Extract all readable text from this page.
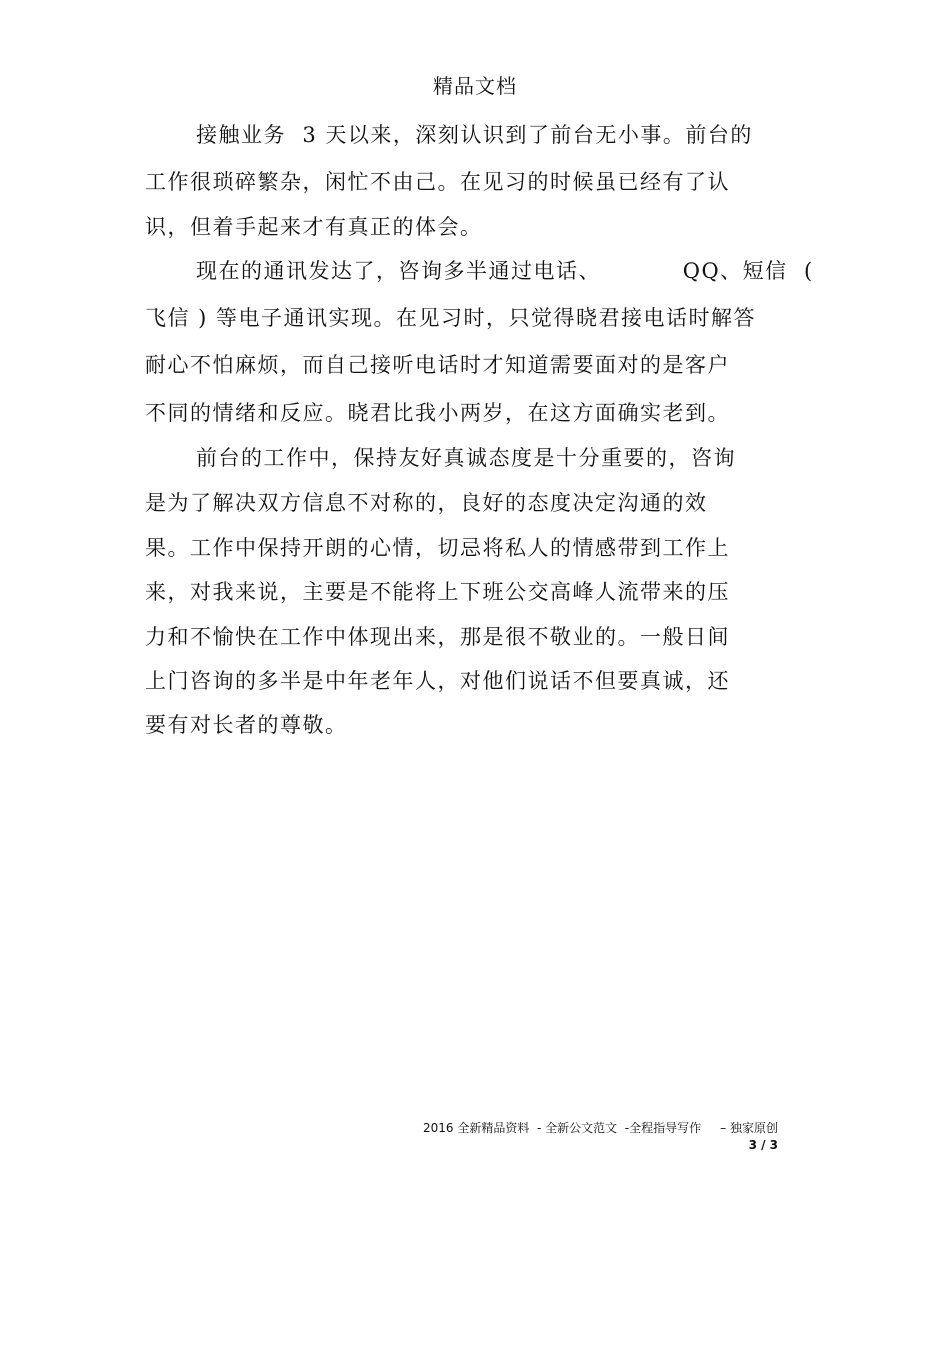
精品文档
接触业务  3 天以来，深刻认识到了前台无小事。前台的
工作很琐碎繁杂，闲忙不由己。在见习的时候虽已经有了认
识，但着手起来才有真正的体会。
现在的通讯发达了，咨询多半通过电话、          QQ、短信  (
飞信 ) 等电子通讯实现。在见习时，只觉得晓君接电话时解答
耐心不怕麻烦，而自己接听电话时才知道需要面对的是客户
不同的情绪和反应。晓君比我小两岁，在这方面确实老到。
前台的工作中，保持友好真诚态度是十分重要的，咨询
是为了解决双方信息不对称的，良好的态度决定沟通的效
果。工作中保持开朗的心情，切忌将私人的情感带到工作上
来，对我来说，主要是不能将上下班公交高峰人流带来的压
力和不愉快在工作中体现出来，那是很不敬业的。一般日间
上门咨询的多半是中年老年人，对他们说话不但要真诚，还
要有对长者的尊敬。
2016 全新精品资料  - 全新公文范文  -全程指导写作     – 独家原创
3 / 3
